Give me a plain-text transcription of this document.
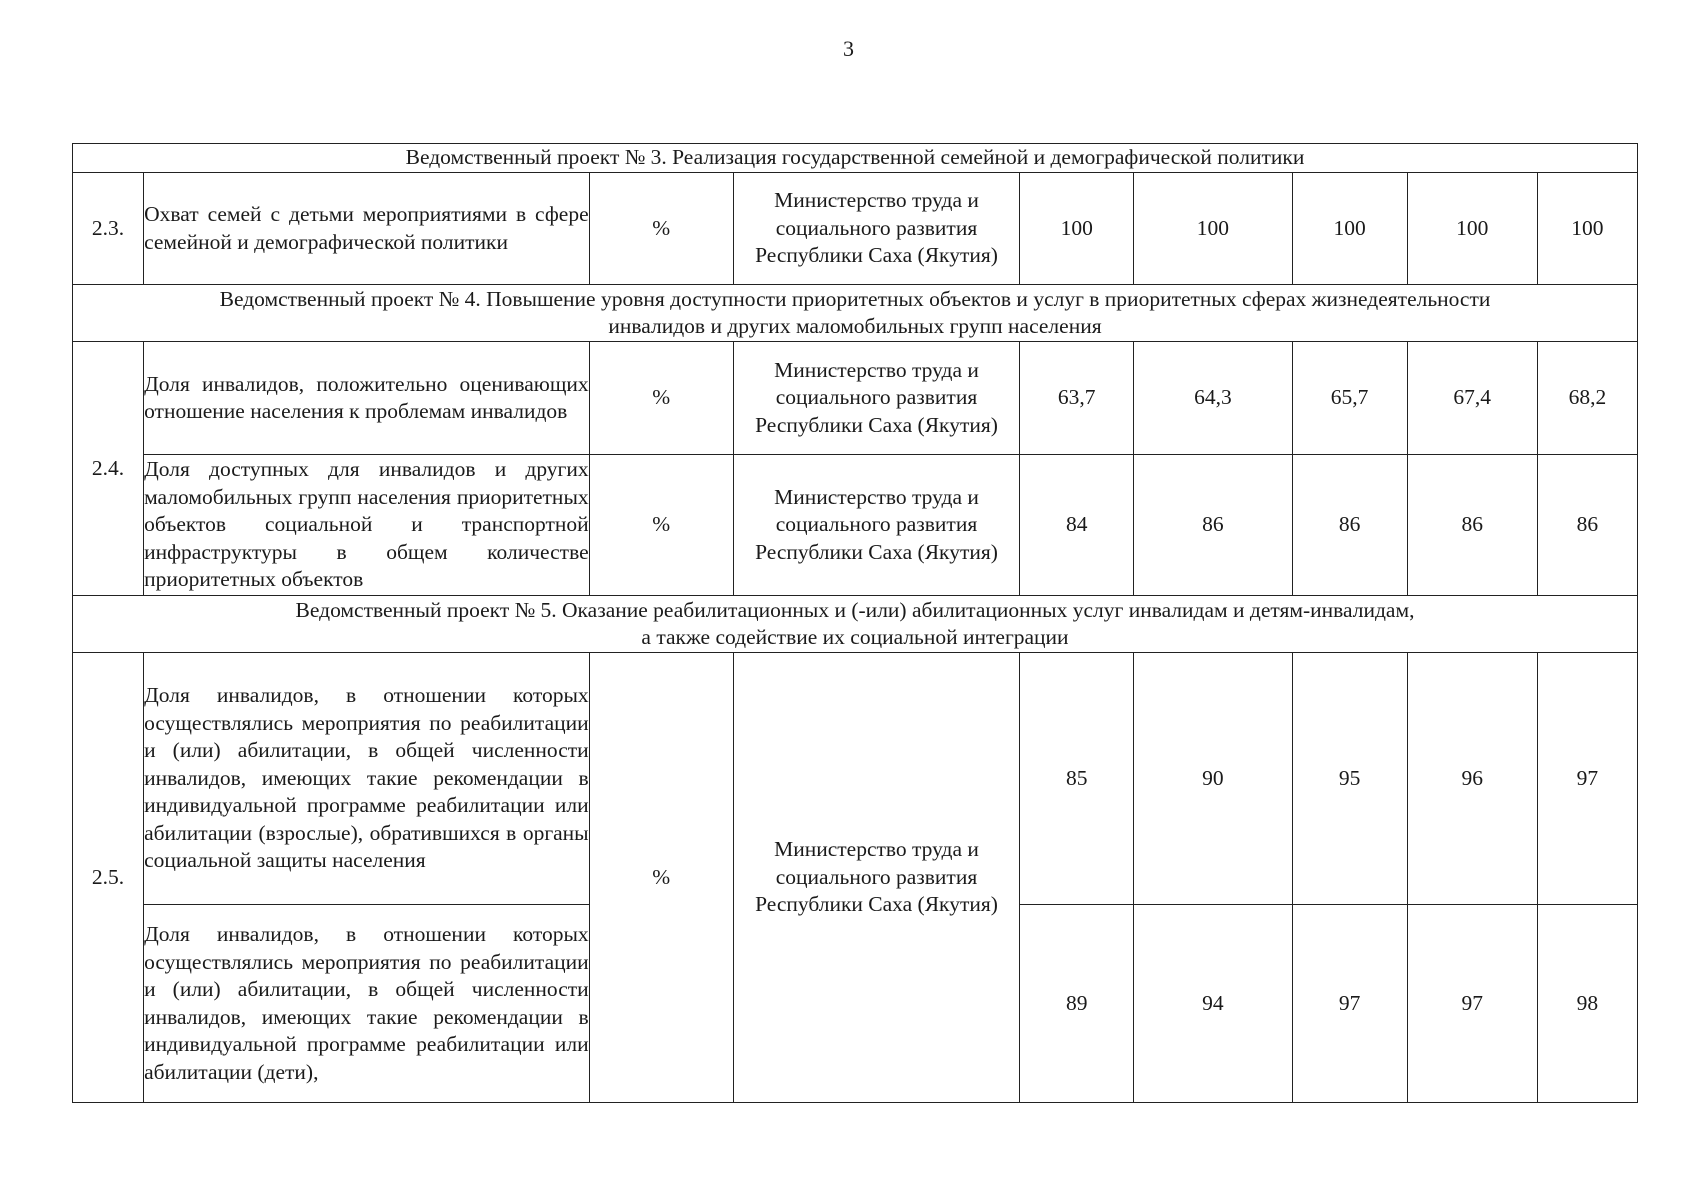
3
Ведомственный проект № 3. Реализация государственной семейной и демографической политики								
2.3.	Охват семей с детьми мероприятиями в сфере семейной и демографической политики	%	Министерство труда и социального развития Республики Саха (Якутия)	100	100	100	100	100
Ведомственный проект № 4. Повышение уровня доступности приоритетных объектов и услуг в приоритетных сферах жизнедеятельности
инвалидов и других маломобильных групп населения								
2.4.	Доля инвалидов, положительно оценивающих отношение населения к проблемам инвалидов	%	Министерство труда и социального развития Республики Саха (Якутия)	63,7	64,3	65,7	67,4	68,2
	Доля доступных для инвалидов и других маломобильных групп населения приоритетных объектов социальной и транспортной инфраструктуры в общем количестве приоритетных объектов	%	Министерство труда и социального развития Республики Саха (Якутия)	84	86	86	86	86
Ведомственный проект № 5. Оказание реабилитационных и (-или) абилитационных услуг инвалидам и детям-инвалидам,
а также содействие их социальной интеграции								
2.5.	Доля инвалидов, в отношении которых осуществлялись мероприятия по реабилитации и (или) абилитации, в общей численности инвалидов, имеющих такие рекомендации в индивидуальной программе реабилитации или абилитации (взрослые), обратившихся в органы социальной защиты населения	%	Министерство труда и социального развития Республики Саха (Якутия)	85	90	95	96	97
	Доля инвалидов, в отношении которых осуществлялись мероприятия по реабилитации и (или) абилитации, в общей численности инвалидов, имеющих такие рекомендации в индивидуальной программе реабилитации или абилитации (дети),			89	94	97	97	98
